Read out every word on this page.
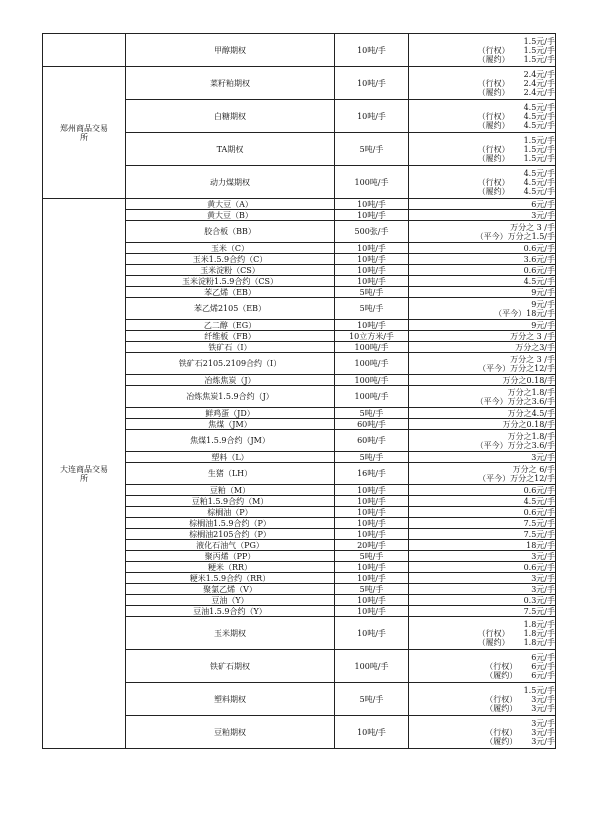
	甲醇期权	10吨/手	1.5元/手
（行权） 1.5元/手
（履约） 1.5元/手

郑州商品交易所	菜籽粕期权	10吨/手	2.4元/手
（行权） 2.4元/手
（履约） 2.4元/手

	白糖期权	10吨/手	4.5元/手
（行权） 4.5元/手
（履约） 4.5元/手

	TA期权	5吨/手	1.5元/手
（行权） 1.5元/手
（履约） 1.5元/手

	动力煤期权	100吨/手	4.5元/手
（行权） 4.5元/手
（履约） 4.5元/手

大连商品交易所	黄大豆（A）	10吨/手	6元/手

	黄大豆（B）	10吨/手	3元/手

	胶合板（BB）	500张/手	万分之 3 /手
（平今）万分之1.5/手

	玉米（C）	10吨/手	0.6元/手

	玉米1.5.9合约（C）	10吨/手	3.6元/手

	玉米淀粉（CS）	10吨/手	0.6元/手

	玉米淀粉1.5.9合约（CS）	10吨/手	4.5元/手

	苯乙烯（EB）	5吨/手	9元/手

	苯乙烯2105（EB）	5吨/手	9元/手
（平今）18元/手

	乙二醇（EG）	10吨/手	9元/手

	纤维板（FB）	10立方米/手	万分之 3 /手

	铁矿石（I）	100吨/手	万分之3/手

	铁矿石2105.2109合约（I）	100吨/手	万分之 3 /手
（平今）万分之12/手

	冶炼焦炭（J）	100吨/手	万分之0.18/手

	冶炼焦炭1.5.9合约（J）	100吨/手	万分之1.8/手
（平今）万分之3.6/手

	鲜鸡蛋（JD）	5吨/手	万分之4.5/手

	焦煤（JM）	60吨/手	万分之0.18/手

	焦煤1.5.9合约（JM）	60吨/手	万分之1.8/手
（平今）万分之3.6/手

	塑料（L）	5吨/手	3元/手

	生猪（LH）	16吨/手	万分之 6/手
（平今）万分之12/手

	豆粕（M）	10吨/手	0.6元/手

	豆粕1.5.9合约（M）	10吨/手	4.5元/手

	棕榈油（P）	10吨/手	0.6元/手

	棕榈油1.5.9合约（P）	10吨/手	7.5元/手

	棕榈油2105合约（P）	10吨/手	7.5元/手

	液化石油气（PG）	20吨/手	18元/手

	聚丙烯（PP）	5吨/手	3元/手

	粳米（RR）	10吨/手	0.6元/手

	粳米1.5.9合约（RR）	10吨/手	3元/手

	聚氯乙烯（V）	5吨/手	3元/手

	豆油（Y）	10吨/手	0.3元/手

	豆油1.5.9合约（Y）	10吨/手	7.5元/手

	玉米期权	10吨/手	1.8元/手
（行权） 1.8元/手
（履约） 1.8元/手

	铁矿石期权	100吨/手	6元/手
（行权） 6元/手
（履约） 6元/手

	塑料期权	5吨/手	1.5元/手
（行权） 3元/手
（履约） 3元/手

	豆粕期权	10吨/手	3元/手
（行权） 3元/手
（履约） 3元/手
